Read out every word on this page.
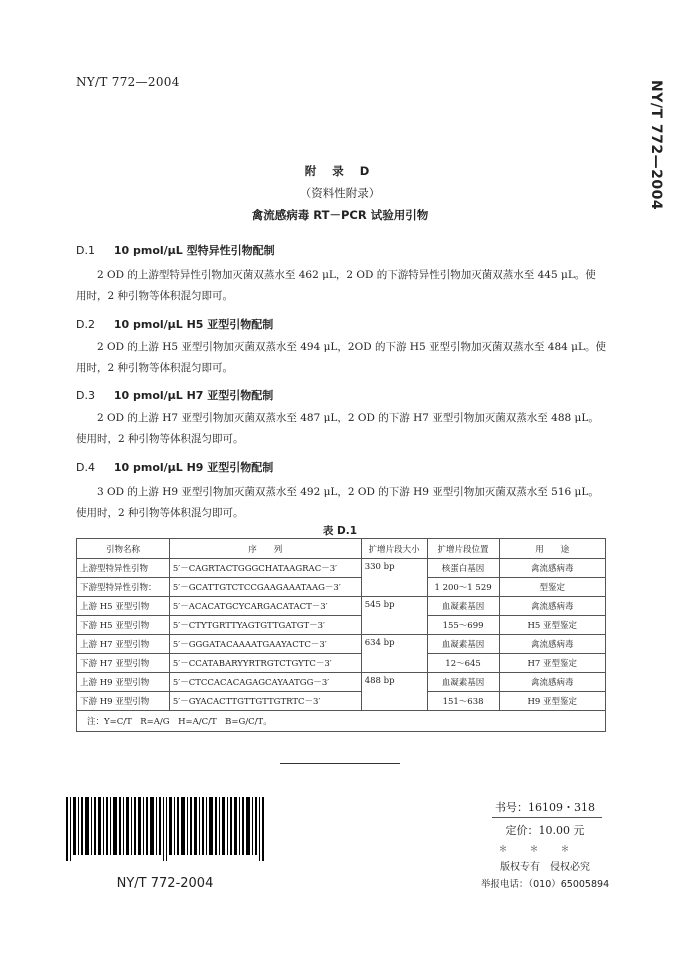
NY/T 772—2004	NY/T 772—2004
附 录 D
（资料性附录）
禽流感病毒 RT－PCR 试验用引物
D.1 10 pmol/μL 型特异性引物配制
2 OD 的上游型特异性引物加灭菌双蒸水至 462 μL，2 OD 的下游特异性引物加灭菌双蒸水至 445 μL。使用时，2 种引物等体积混匀即可。
D.2 10 pmol/μL H5 亚型引物配制
2 OD 的上游 H5 亚型引物加灭菌双蒸水至 494 μL，2OD 的下游 H5 亚型引物加灭菌双蒸水至 484 μL。使用时，2 种引物等体积混匀即可。
D.3 10 pmol/μL H7 亚型引物配制
2 OD 的上游 H7 亚型引物加灭菌双蒸水至 487 μL，2 OD 的下游 H7 亚型引物加灭菌双蒸水至 488 μL。使用时，2 种引物等体积混匀即可。
D.4 10 pmol/μL H9 亚型引物配制
3 OD 的上游 H9 亚型引物加灭菌双蒸水至 492 μL，2 OD 的下游 H9 亚型引物加灭菌双蒸水至 516 μL。使用时，2 种引物等体积混匀即可。
表 D.1
引物名称	序　　列	扩增片段大小	扩增片段位置	用　　途
上游型特异性引物	5′－CAGRTACTGGGCHATAAGRAC－3′	330 bp	核蛋白基因	禽流感病毒
下游型特异性引物：	5′－GCATTGTCTCCGAAGAAATAAG－3′		1 200～1 529	型鉴定
上游 H5 亚型引物	5′－ACACATGCYCARGACATACT－3′	545 bp	血凝素基因	禽流感病毒
下游 H5 亚型引物	5′－CTYTGRTTYAGTGTTGATGT－3′		155～699	H5 亚型鉴定
上游 H7 亚型引物	5′－GGGATACAAAATGAAYACTC－3′	634 bp	血凝素基因	禽流感病毒
下游 H7 亚型引物	5′－CCATABARYYRTRGTCTGYTC－3′		12～645	H7 亚型鉴定
上游 H9 亚型引物	5′－CTCCACACAGAGCAYAATGG－3′	488 bp	血凝素基因	禽流感病毒
下游 H9 亚型引物	5′－GYACACTTGTTGTTGTRTC－3′		151～638	H9 亚型鉴定
注：Y=C/T　R=A/G　H=A/C/T　B=G/C/T。				
NY/T 772-2004
书号：16109・318
定价：10.00 元
＊＊＊
版权专有　侵权必究
举报电话：（010）65005894
